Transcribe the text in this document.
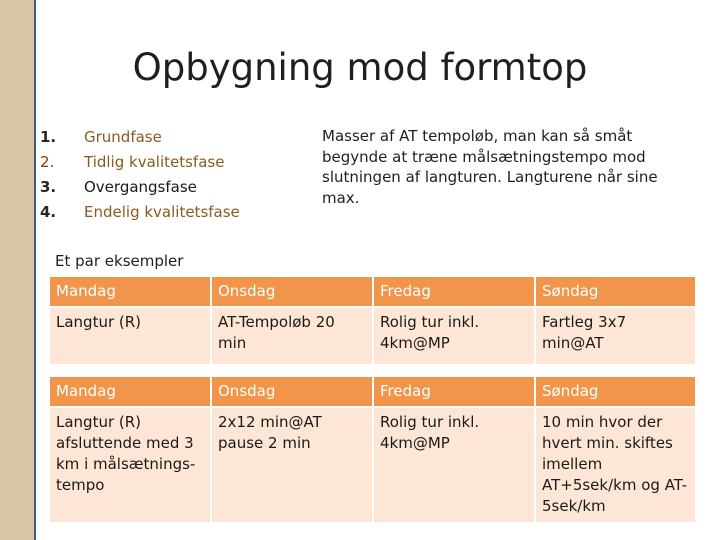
Opbygning mod formtop
1. Grundfase
2. Tidlig kvalitetsfase
3. Overgangsfase
4. Endelig kvalitetsfase
Masser af AT tempoløb, man kan så småt begynde at træne målsætningstempo mod slutningen af langturen. Langturene når sine max.
Et par eksempler
Mandag	Onsdag	Fredag	Søndag
Langtur (R)	AT-Tempoløb 20 min	Rolig tur inkl. 4km@MP	Fartleg 3x7 min@AT
Mandag	Onsdag	Fredag	Søndag
Langtur (R) afsluttende med 3 km i målsætnings-tempo	2x12 min@AT pause 2 min	Rolig tur inkl. 4km@MP	10 min hvor der hvert min. skiftes imellem AT+5sek/km og AT-5sek/km
